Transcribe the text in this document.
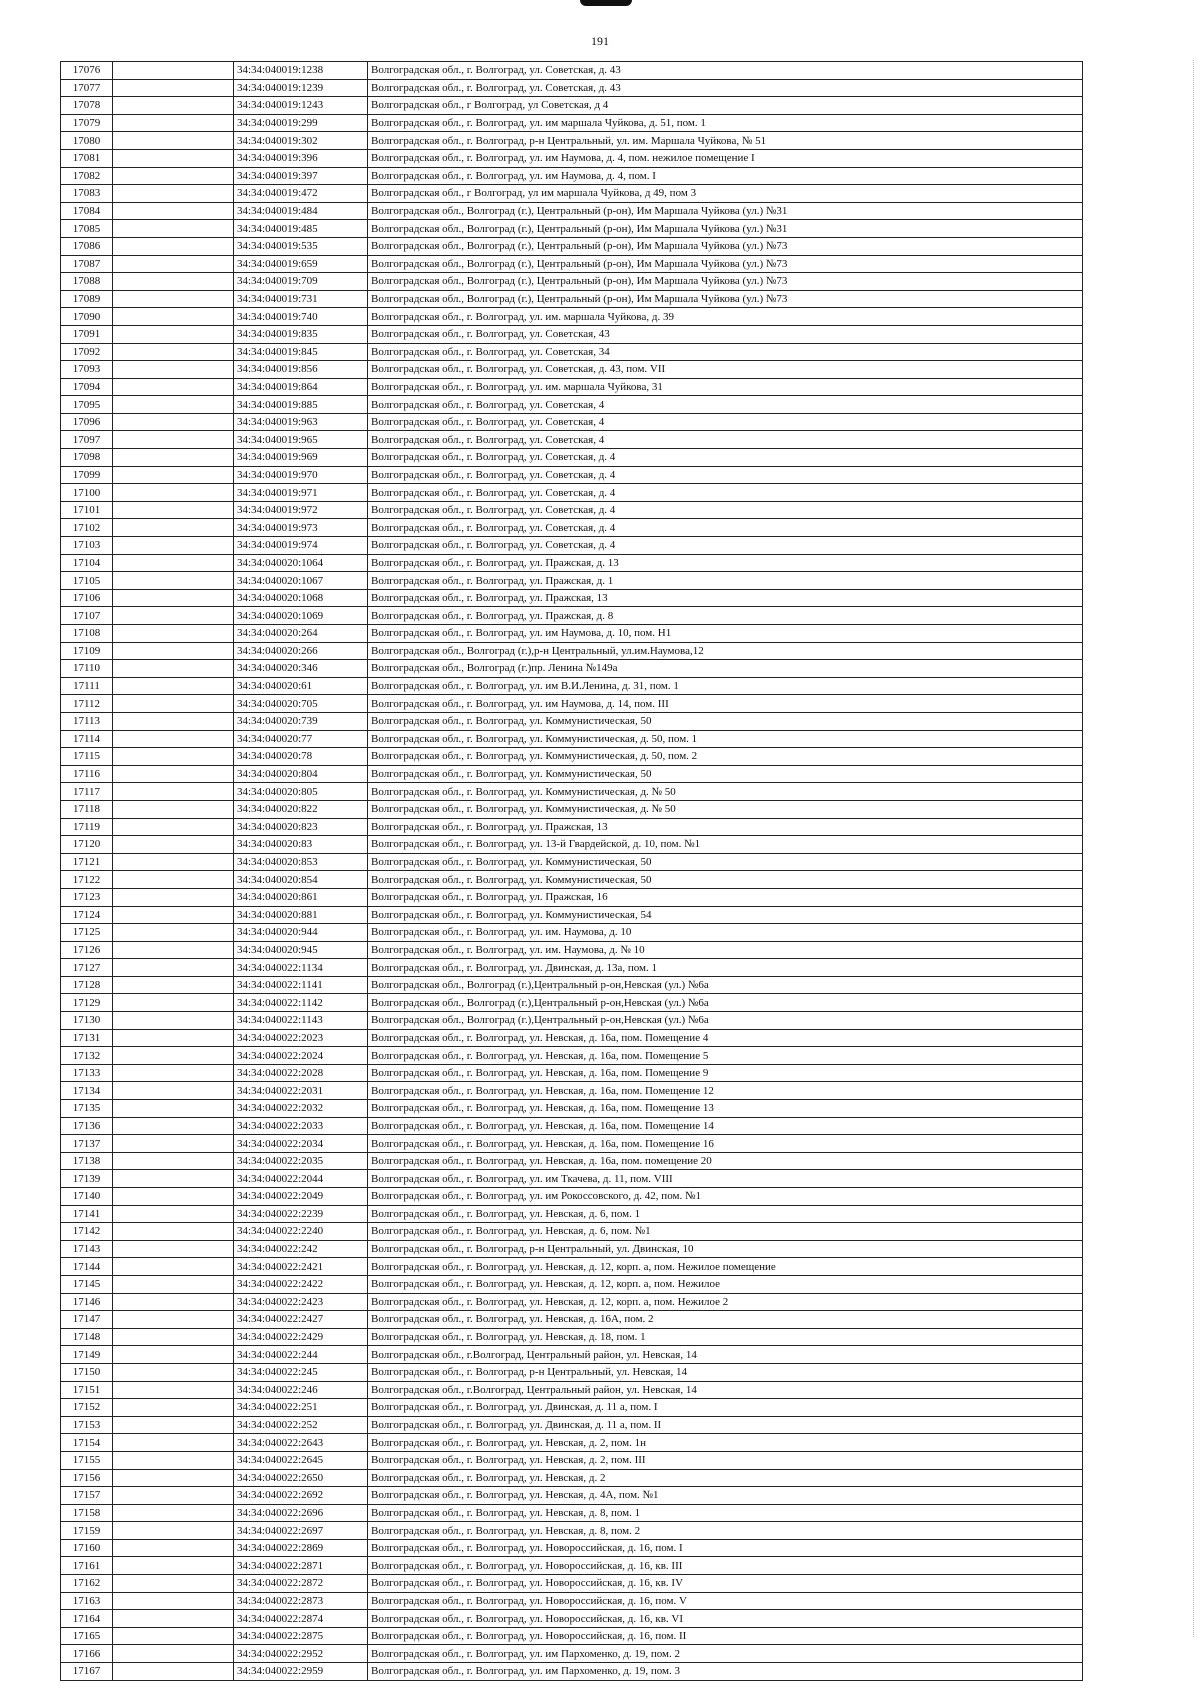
191
17076		34:34:040019:1238	Волгоградская обл., г. Волгоград, ул. Советская, д. 43
17077		34:34:040019:1239	Волгоградская обл., г. Волгоград, ул. Советская, д. 43
17078		34:34:040019:1243	Волгоградская обл., г Волгоград, ул Советская, д 4
17079		34:34:040019:299	Волгоградская обл., г. Волгоград, ул. им маршала Чуйкова, д. 51, пом. 1
17080		34:34:040019:302	Волгоградская обл., г. Волгоград, р-н Центральный, ул. им. Маршала Чуйкова, № 51
17081		34:34:040019:396	Волгоградская обл., г. Волгоград, ул. им Наумова, д. 4, пом. нежилое помещение I
17082		34:34:040019:397	Волгоградская обл., г. Волгоград, ул. им Наумова, д. 4, пом. I
17083		34:34:040019:472	Волгоградская обл., г Волгоград, ул им маршала Чуйкова, д 49, пом 3
17084		34:34:040019:484	Волгоградская обл., Волгоград (г.), Центральный (р-он), Им Маршала Чуйкова (ул.) №31
17085		34:34:040019:485	Волгоградская обл., Волгоград (г.), Центральный (р-он), Им Маршала Чуйкова (ул.) №31
17086		34:34:040019:535	Волгоградская обл., Волгоград (г.), Центральный (р-он), Им Маршала Чуйкова (ул.) №73
17087		34:34:040019:659	Волгоградская обл., Волгоград (г.), Центральный (р-он), Им Маршала Чуйкова (ул.) №73
17088		34:34:040019:709	Волгоградская обл., Волгоград (г.), Центральный (р-он), Им Маршала Чуйкова (ул.) №73
17089		34:34:040019:731	Волгоградская обл., Волгоград (г.), Центральный (р-он), Им Маршала Чуйкова (ул.) №73
17090		34:34:040019:740	Волгоградская обл., г. Волгоград, ул. им. маршала Чуйкова, д. 39
17091		34:34:040019:835	Волгоградская обл., г. Волгоград, ул. Советская, 43
17092		34:34:040019:845	Волгоградская обл., г. Волгоград, ул. Советская, 34
17093		34:34:040019:856	Волгоградская обл., г. Волгоград, ул. Советская, д. 43, пом. VII
17094		34:34:040019:864	Волгоградская обл., г. Волгоград, ул. им. маршала Чуйкова, 31
17095		34:34:040019:885	Волгоградская обл., г. Волгоград, ул. Советская, 4
17096		34:34:040019:963	Волгоградская обл., г. Волгоград, ул. Советская, 4
17097		34:34:040019:965	Волгоградская обл., г. Волгоград, ул. Советская, 4
17098		34:34:040019:969	Волгоградская обл., г. Волгоград, ул. Советская, д. 4
17099		34:34:040019:970	Волгоградская обл., г. Волгоград, ул. Советская, д. 4
17100		34:34:040019:971	Волгоградская обл., г. Волгоград, ул. Советская, д. 4
17101		34:34:040019:972	Волгоградская обл., г. Волгоград, ул. Советская, д. 4
17102		34:34:040019:973	Волгоградская обл., г. Волгоград, ул. Советская, д. 4
17103		34:34:040019:974	Волгоградская обл., г. Волгоград, ул. Советская, д. 4
17104		34:34:040020:1064	Волгоградская обл., г. Волгоград, ул. Пражская, д. 13
17105		34:34:040020:1067	Волгоградская обл., г. Волгоград, ул. Пражская, д. 1
17106		34:34:040020:1068	Волгоградская обл., г. Волгоград, ул. Пражская, 13
17107		34:34:040020:1069	Волгоградская обл., г. Волгоград, ул. Пражская, д. 8
17108		34:34:040020:264	Волгоградская обл., г. Волгоград, ул. им Наумова, д. 10, пом. Н1
17109		34:34:040020:266	Волгоградская обл., Волгоград (г.),р-н Центральный, ул.им.Наумова,12
17110		34:34:040020:346	Волгоградская обл., Волгоград (г.)пр. Ленина №149а
17111		34:34:040020:61	Волгоградская обл., г. Волгоград, ул. им В.И.Ленина, д. 31, пом. 1
17112		34:34:040020:705	Волгоградская обл., г. Волгоград, ул. им Наумова, д. 14, пом. III
17113		34:34:040020:739	Волгоградская обл., г. Волгоград, ул. Коммунистическая, 50
17114		34:34:040020:77	Волгоградская обл., г. Волгоград, ул. Коммунистическая, д. 50, пом. 1
17115		34:34:040020:78	Волгоградская обл., г. Волгоград, ул. Коммунистическая, д. 50, пом. 2
17116		34:34:040020:804	Волгоградская обл., г. Волгоград, ул. Коммунистическая, 50
17117		34:34:040020:805	Волгоградская обл., г. Волгоград, ул. Коммунистическая, д. № 50
17118		34:34:040020:822	Волгоградская обл., г. Волгоград, ул. Коммунистическая, д. № 50
17119		34:34:040020:823	Волгоградская обл., г. Волгоград, ул. Пражская, 13
17120		34:34:040020:83	Волгоградская обл., г. Волгоград, ул. 13-й Гвардейской, д. 10, пом. №1
17121		34:34:040020:853	Волгоградская обл., г. Волгоград, ул. Коммунистическая, 50
17122		34:34:040020:854	Волгоградская обл., г. Волгоград, ул. Коммунистическая, 50
17123		34:34:040020:861	Волгоградская обл., г. Волгоград, ул. Пражская, 16
17124		34:34:040020:881	Волгоградская обл., г. Волгоград, ул. Коммунистическая, 54
17125		34:34:040020:944	Волгоградская обл., г. Волгоград, ул. им. Наумова, д. 10
17126		34:34:040020:945	Волгоградская обл., г. Волгоград, ул. им. Наумова, д. № 10
17127		34:34:040022:1134	Волгоградская обл., г. Волгоград, ул. Двинская, д. 13а, пом. 1
17128		34:34:040022:1141	Волгоградская обл., Волгоград (г.),Центральный р-он,Невская (ул.) №6а
17129		34:34:040022:1142	Волгоградская обл., Волгоград (г.),Центральный р-он,Невская (ул.) №6а
17130		34:34:040022:1143	Волгоградская обл., Волгоград (г.),Центральный р-он,Невская (ул.) №6а
17131		34:34:040022:2023	Волгоградская обл., г. Волгоград, ул. Невская, д. 16а, пом. Помещение 4
17132		34:34:040022:2024	Волгоградская обл., г. Волгоград, ул. Невская, д. 16а, пом. Помещение 5
17133		34:34:040022:2028	Волгоградская обл., г. Волгоград, ул. Невская, д. 16а, пом. Помещение 9
17134		34:34:040022:2031	Волгоградская обл., г. Волгоград, ул. Невская, д. 16а, пом. Помещение 12
17135		34:34:040022:2032	Волгоградская обл., г. Волгоград, ул. Невская, д. 16а, пом. Помещение 13
17136		34:34:040022:2033	Волгоградская обл., г. Волгоград, ул. Невская, д. 16а, пом. Помещение 14
17137		34:34:040022:2034	Волгоградская обл., г. Волгоград, ул. Невская, д. 16а, пом. Помещение 16
17138		34:34:040022:2035	Волгоградская обл., г. Волгоград, ул. Невская, д. 16а, пом. помещение 20
17139		34:34:040022:2044	Волгоградская обл., г. Волгоград, ул. им Ткачева, д. 11, пом. VIII
17140		34:34:040022:2049	Волгоградская обл., г. Волгоград, ул. им Рокоссовского, д. 42, пом. №1
17141		34:34:040022:2239	Волгоградская обл., г. Волгоград, ул. Невская, д. 6, пом. 1
17142		34:34:040022:2240	Волгоградская обл., г. Волгоград, ул. Невская, д. 6, пом. №1
17143		34:34:040022:242	Волгоградская обл., г. Волгоград, р-н Центральный, ул. Двинская, 10
17144		34:34:040022:2421	Волгоградская обл., г. Волгоград, ул. Невская, д. 12, корп. а, пом. Нежилое помещение
17145		34:34:040022:2422	Волгоградская обл., г. Волгоград, ул. Невская, д. 12, корп. а, пом. Нежилое
17146		34:34:040022:2423	Волгоградская обл., г. Волгоград, ул. Невская, д. 12, корп. а, пом. Нежилое 2
17147		34:34:040022:2427	Волгоградская обл., г. Волгоград, ул. Невская, д. 16А, пом. 2
17148		34:34:040022:2429	Волгоградская обл., г. Волгоград, ул. Невская, д. 18, пом. 1
17149		34:34:040022:244	Волгоградская обл., г.Волгоград, Центральный район, ул. Невская, 14
17150		34:34:040022:245	Волгоградская обл., г. Волгоград, р-н Центральный, ул. Невская, 14
17151		34:34:040022:246	Волгоградская обл., г.Волгоград, Центральный район, ул. Невская, 14
17152		34:34:040022:251	Волгоградская обл., г. Волгоград, ул. Двинская, д. 11 а, пом. I
17153		34:34:040022:252	Волгоградская обл., г. Волгоград, ул. Двинская, д. 11 а, пом. II
17154		34:34:040022:2643	Волгоградская обл., г. Волгоград, ул. Невская, д. 2, пом. 1н
17155		34:34:040022:2645	Волгоградская обл., г. Волгоград, ул. Невская, д. 2, пом. III
17156		34:34:040022:2650	Волгоградская обл., г. Волгоград, ул. Невская, д. 2
17157		34:34:040022:2692	Волгоградская обл., г. Волгоград, ул. Невская, д. 4А, пом. №1
17158		34:34:040022:2696	Волгоградская обл., г. Волгоград, ул. Невская, д. 8, пом. 1
17159		34:34:040022:2697	Волгоградская обл., г. Волгоград, ул. Невская, д. 8, пом. 2
17160		34:34:040022:2869	Волгоградская обл., г. Волгоград, ул. Новороссийская, д. 16, пом. I
17161		34:34:040022:2871	Волгоградская обл., г. Волгоград, ул. Новороссийская, д. 16, кв. III
17162		34:34:040022:2872	Волгоградская обл., г. Волгоград, ул. Новороссийская, д. 16, кв. IV
17163		34:34:040022:2873	Волгоградская обл., г. Волгоград, ул. Новороссийская, д. 16, пом. V
17164		34:34:040022:2874	Волгоградская обл., г. Волгоград, ул. Новороссийская, д. 16, кв. VI
17165		34:34:040022:2875	Волгоградская обл., г. Волгоград, ул. Новороссийская, д. 16, пом. II
17166		34:34:040022:2952	Волгоградская обл., г. Волгоград, ул. им Пархоменко, д. 19, пом. 2
17167		34:34:040022:2959	Волгоградская обл., г. Волгоград, ул. им Пархоменко, д. 19, пом. 3
